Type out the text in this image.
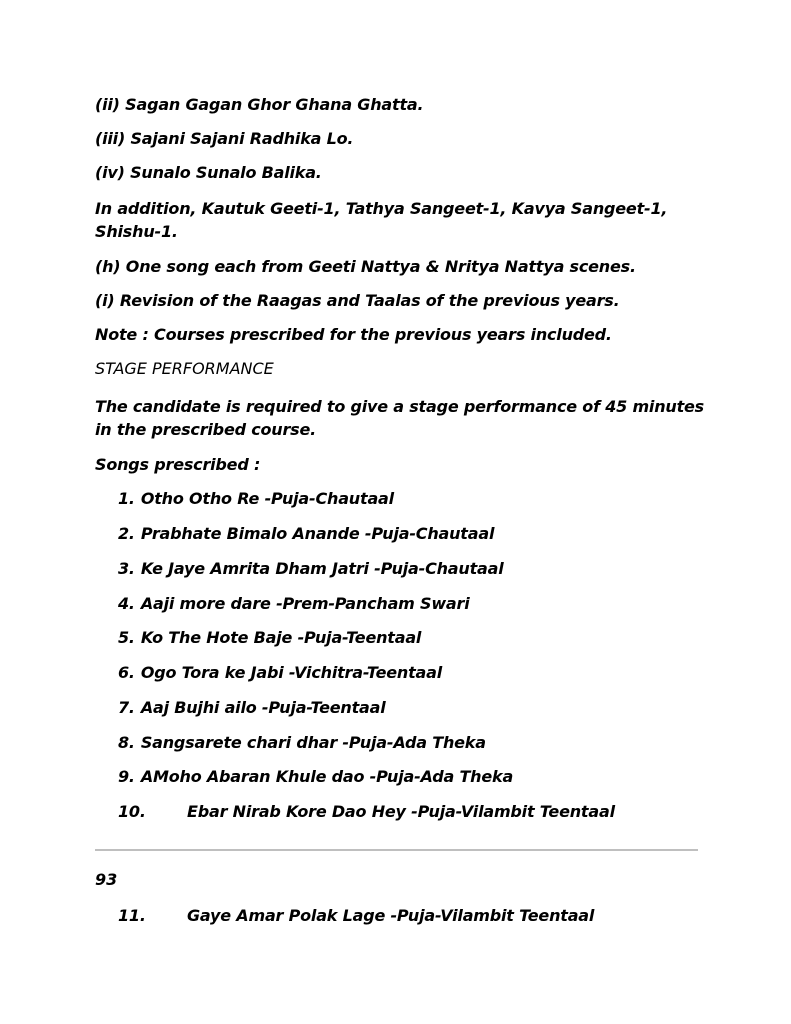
(ii) Sagan Gagan Ghor Ghana Ghatta.
(iii) Sajani Sajani Radhika Lo.
(iv) Sunalo Sunalo Balika.
In addition, Kautuk Geeti-1, Tathya Sangeet-1, Kavya Sangeet-1, Shishu-1.
(h) One song each from Geeti Nattya & Nritya Nattya scenes.
(i) Revision of the Raagas and Taalas of the previous years.
Note : Courses prescribed for the previous years included.
STAGE PERFORMANCE
The candidate is required to give a stage performance of 45 minutes in the prescribed course.
Songs prescribed :
1. Otho Otho Re -Puja-Chautaal
2. Prabhate Bimalo Anande -Puja-Chautaal
3. Ke Jaye Amrita Dham Jatri -Puja-Chautaal
4. Aaji more dare -Prem-Pancham Swari
5. Ko The Hote Baje -Puja-Teentaal
6. Ogo Tora ke Jabi -Vichitra-Teentaal
7. Aaj Bujhi ailo -Puja-Teentaal
8. Sangsarete chari dhar -Puja-Ada Theka
9. AMoho Abaran Khule dao -Puja-Ada Theka
10.	Ebar Nirab Kore Dao Hey -Puja-Vilambit Teentaal
93
11.	Gaye Amar Polak Lage -Puja-Vilambit Teentaal
